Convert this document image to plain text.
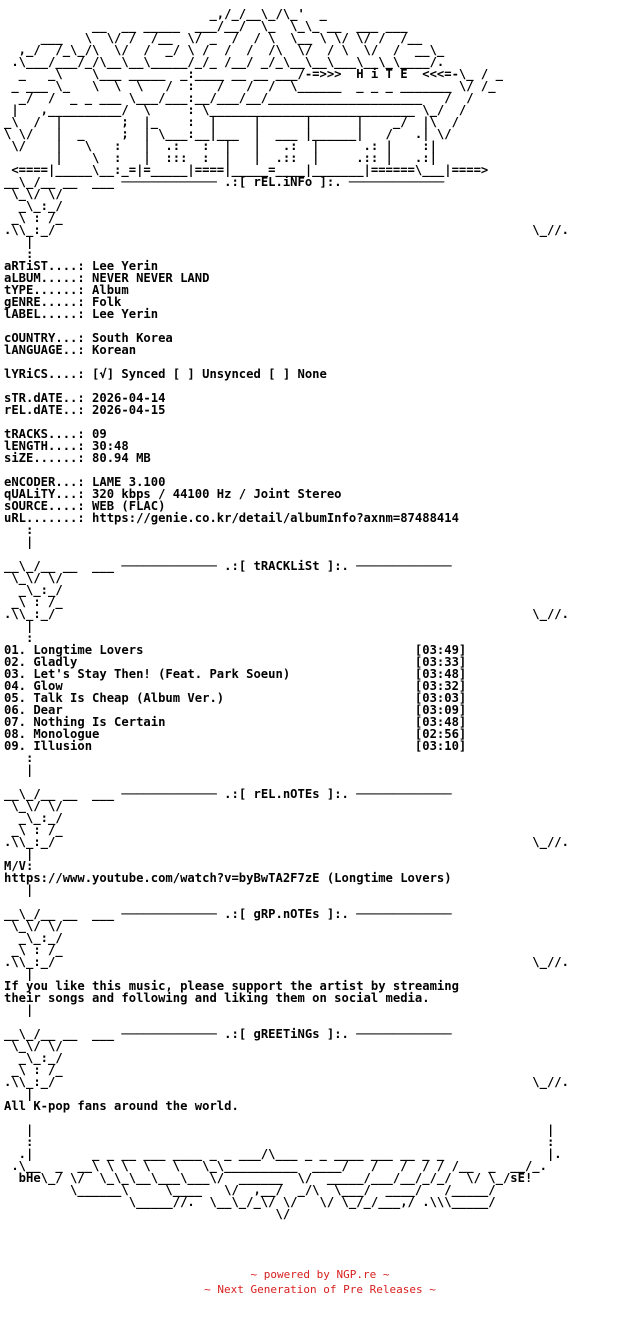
_,/_/__\_/\_'  _
__  __ _____  ___/__/  \_  \_\_ __  ___ ___
___   \  \/ /  /__  \/ _  /  / \  \__ \ \/ \/ /  /__
,_/  /_\_/\  \/  /  _/ \ /  /  /  /\  \/  / \  \/  /  __\_
.\___/___/_/\__\__\_____/_/_ /__/ _/_\__\__\___\__\_\____/.
_   _\    \___ _____  _:____ __ __ ___/-=>>>  H i T E  <<<=-\_ / _
_ ___ \_   \  \  \   /  :   /   /  /  \______  _ _ _ _______ \/ /_
_/  /  _ _ ___ \___/___:__/___/__/_____________________   /  /
|   ,__________/  \     : \____________________________ \_/  /
_\  /  |        ;  |_    :  |     |      |      |    _/  |\  /
\ \/   |  _     ;  | \___:__|___  |  ___ |______|   /   .| \/
\/    |   \   :   |  .:   :  |   |   .:  |      .: |    :|
|    \  :   |  :::  :  |   |  .::  |     .:: |   .:|
<====|_____\__:_=|=_____|====|_____=____|_______|======\___|====>
__\_/__ __  ___ ───────────── .:[ rEL.iNFo ]:. ─────────────
\_\/ \/
_\_:_/
_\ : /_
.\\_:_/                                                                 \_//.
|
:
aRTiST....: Lee Yerin
aLBUM.....: NEVER NEVER LAND
tYPE......: Album
gENRE.....: Folk
lABEL.....: Lee Yerin

cOUNTRY...: South Korea
lANGUAGE..: Korean

lYRiCS....: [√] Synced [ ] Unsynced [ ] None

sTR.dATE..: 2026-04-14
rEL.dATE..: 2026-04-15

tRACKS....: 09
lENGTH....: 30:48
siZE......: 80.94 MB

eNCODER...: LAME 3.100
qUALiTY...: 320 kbps / 44100 Hz / Joint Stereo
sOURCE....: WEB (FLAC)
uRL.......: https://genie.co.kr/detail/albumInfo?axnm=87488414
:
|

__\_/__ __  ___ ───────────── .:[ tRACKLiSt ]:. ─────────────
\_\/ \/
_\_:_/
_\ : /_
.\\_:_/                                                                 \_//.
|
:
01. Longtime Lovers                                     [03:49]
02. Gladly                                              [03:33]
03. Let's Stay Then! (Feat. Park Soeun)                 [03:48]
04. Glow                                                [03:32]
05. Talk Is Cheap (Album Ver.)                          [03:03]
06. Dear                                                [03:09]
07. Nothing Is Certain                                  [03:48]
08. Monologue                                           [02:56]
09. Illusion                                            [03:10]
:
|

__\_/__ __  ___ ───────────── .:[ rEL.nOTEs ]:. ─────────────
\_\/ \/
_\_:_/
_\ : /_
.\\_:_/                                                                 \_//.
|
M/V:
https://www.youtube.com/watch?v=byBwTA2F7zE (Longtime Lovers)
|

__\_/__ __  ___ ───────────── .:[ gRP.nOTEs ]:. ─────────────
\_\/ \/
_\_:_/
_\ : /_
.\\_:_/                                                                 \_//.
|
If you like this music, please support the artist by streaming
their songs and following and liking them on social media.
|

__\_/__ __  ___ ───────────── .:[ gREETiNGs ]:. ─────────────
\_\/ \/
_\_:_/
_\ : /_
.\\_:_/                                                                 \_//.
|
All K-pop fans around the world.

|                                                                      |
:                                                                      :
.|        _ _ __ ___ ____ _ _ ___/\___ _ _ ____ ___ __ _ _              |.
.\__  _  __\ \ \  \   \   \_\__________  ____/   /   /  / / /__  _  __/_.
bHe\_/ \/  \_\_\__\___\___\/  ______  \/  _____/___/__/_/_/  \/ \_/sE!
\______\     \____   \/  ,__/  _/\  \___/  ____/   /_____/
\_____//.  \__\_/_\/ \/   \/ \_/_/___,/ .\\\_____/
\/
~ powered by NGP.re ~
~ Next Generation of Pre Releases ~
